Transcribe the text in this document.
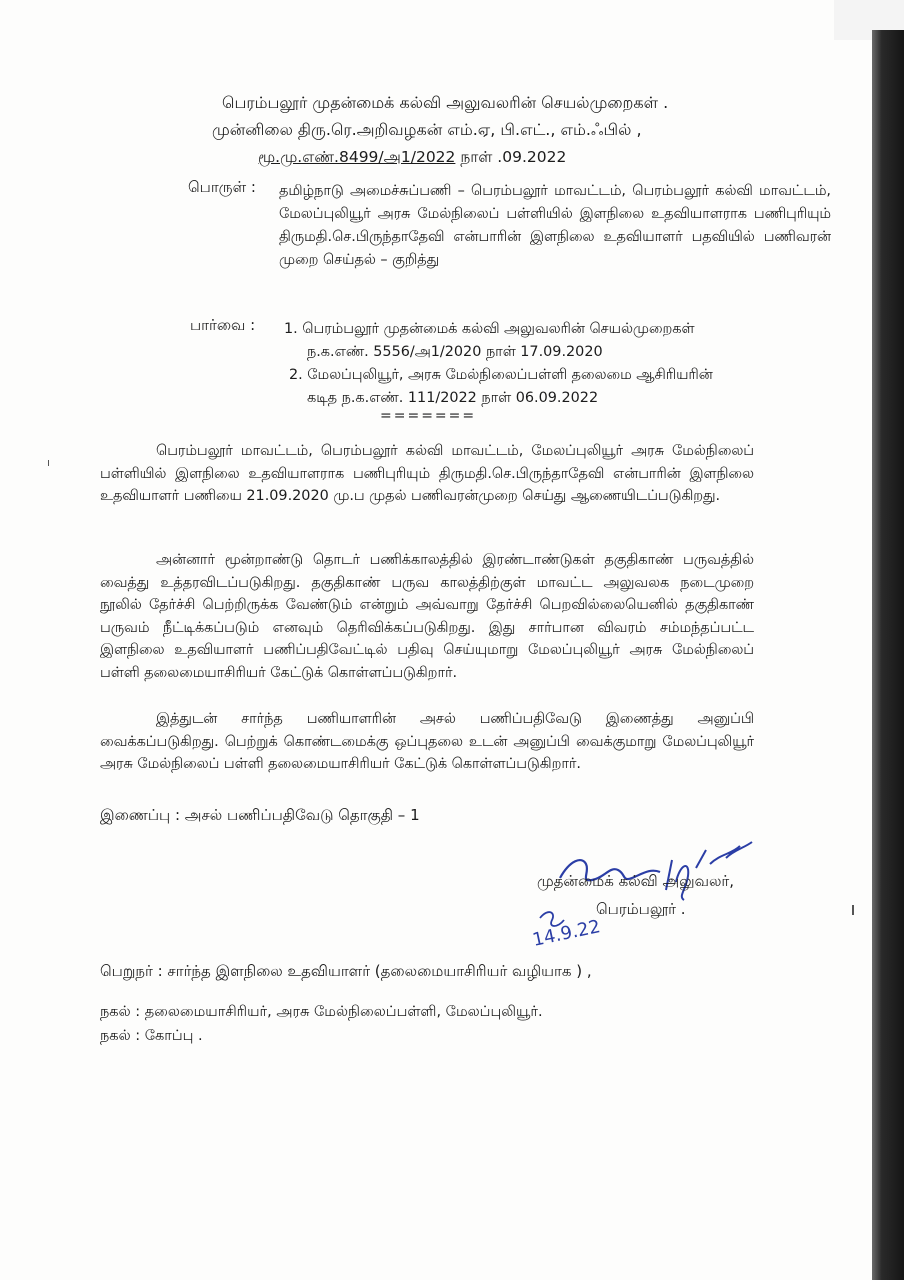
பெரம்பலூர் முதன்மைக் கல்வி அலுவலரின் செயல்முறைகள் .
முன்னிலை திரு.ரெ.அறிவழகன் எம்.ஏ, பி.எட்., எம்.ஃபில் ,
மூ.மு.எண்.8499/அ1/2022 நாள் .09.2022
பொருள் : தமிழ்நாடு அமைச்சுப்பணி – பெரம்பலூர் மாவட்டம், பெரம்பலூர் கல்வி மாவட்டம், மேலப்புலியூர் அரசு மேல்நிலைப் பள்ளியில் இளநிலை உதவியாளராக பணிபுரியும் திருமதி.செ.பிருந்தாதேவி என்பாரின் இளநிலை உதவியாளர் பதவியில் பணிவரன் முறை செய்தல் – குறித்து
பார்வை : 1. பெரம்பலூர் முதன்மைக் கல்வி அலுவலரின் செயல்முறைகள்
ந.க.எண். 5556/அ1/2020 நாள் 17.09.2020
2. மேலப்புலியூர், அரசு மேல்நிலைப்பள்ளி தலைமை ஆசிரியரின்
கடித ந.க.எண். 111/2022 நாள் 06.09.2022
=======
பெரம்பலூர் மாவட்டம், பெரம்பலூர் கல்வி மாவட்டம், மேலப்புலியூர் அரசு மேல்நிலைப் பள்ளியில் இளநிலை உதவியாளராக பணிபுரியும் திருமதி.செ.பிருந்தாதேவி என்பாரின் இளநிலை உதவியாளர் பணியை 21.09.2020 மு.ப முதல் பணிவரன்முறை செய்து ஆணையிடப்படுகிறது.
அன்னார் மூன்றாண்டு தொடர் பணிக்காலத்தில் இரண்டாண்டுகள் தகுதிகாண் பருவத்தில் வைத்து உத்தரவிடப்படுகிறது. தகுதிகாண் பருவ காலத்திற்குள் மாவட்ட அலுவலக நடைமுறை நூலில் தேர்ச்சி பெற்றிருக்க வேண்டும் என்றும் அவ்வாறு தேர்ச்சி பெறவில்லையெனில் தகுதிகாண் பருவம் நீட்டிக்கப்படும் எனவும் தெரிவிக்கப்படுகிறது. இது சார்பான விவரம் சம்மந்தப்பட்ட இளநிலை உதவியாளர் பணிப்பதிவேட்டில் பதிவு செய்யுமாறு மேலப்புலியூர் அரசு மேல்நிலைப் பள்ளி தலைமையாசிரியர் கேட்டுக் கொள்ளப்படுகிறார்.
இத்துடன் சார்ந்த பணியாளரின் அசல் பணிப்பதிவேடு இணைத்து அனுப்பி வைக்கப்படுகிறது. பெற்றுக் கொண்டமைக்கு ஒப்புதலை உடன் அனுப்பி வைக்குமாறு மேலப்புலியூர் அரசு மேல்நிலைப் பள்ளி தலைமையாசிரியர் கேட்டுக் கொள்ளப்படுகிறார்.
இணைப்பு : அசல் பணிப்பதிவேடு தொகுதி – 1
14.9.22
முதன்மைக் கல்வி அலுவலர்,
பெரம்பலூர் .
பெறுநர் : சார்ந்த இளநிலை உதவியாளர் (தலைமையாசிரியர் வழியாக ) ,
நகல் : தலைமையாசிரியர், அரசு மேல்நிலைப்பள்ளி, மேலப்புலியூர்.
நகல் : கோப்பு .
